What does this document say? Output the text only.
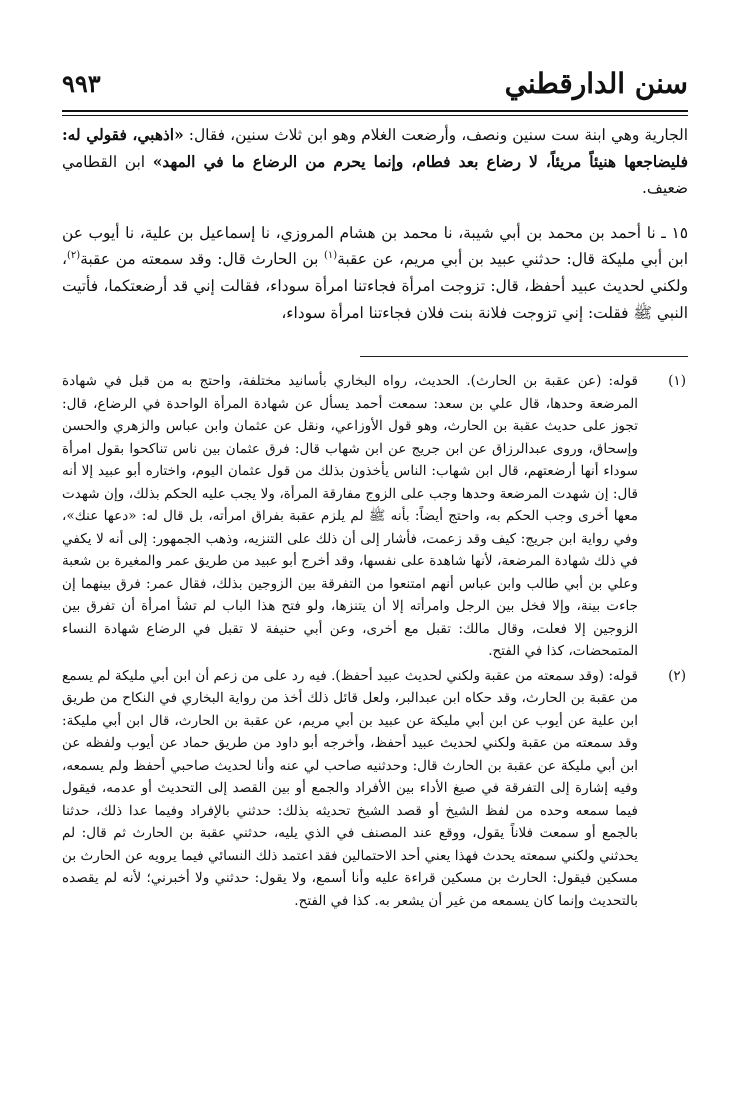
سنن الدارقطني
٩٩٣

الجارية وهي ابنة ست سنين ونصف، وأرضعت الغلام وهو ابن ثلاث سنين، فقال: «اذهبي، فقولي له: فليضاجعها هنيئاً مريئاً، لا رضاع بعد فطام، وإنما يحرم من الرضاع ما في المهد» ابن القطامي ضعيف.

١٥ ـ نا أحمد بن محمد بن أبي شيبة، نا محمد بن هشام المروزي، نا إسماعيل بن علية، نا أيوب عن ابن أبي مليكة قال: حدثني عبيد بن أبي مريم، عن عقبة$^{(١)}$ بن الحارث قال: وقد سمعته من عقبة$^{(٢)}$، ولكني لحديث عبيد أحفظ، قال: تزوجت امرأة فجاءتنا امرأة سوداء، فقالت إني قد أرضعتكما، فأتيت النبي ﷺ فقلت: إني تزوجت فلانة بنت فلان فجاءتنا امرأة سوداء،

(١)
قوله: (عن عقبة بن الحارث). الحديث، رواه البخاري بأسانيد مختلفة، واحتج به من قبل في شهادة المرضعة وحدها، قال علي بن سعد: سمعت أحمد يسأل عن شهادة المرأة الواحدة في الرضاع، قال: تجوز على حديث عقبة بن الحارث، وهو قول الأوزاعي، ونقل عن عثمان وابن عباس والزهري والحسن وإسحاق، وروى عبدالرزاق عن ابن جريج عن ابن شهاب قال: فرق عثمان بين ناس تناكحوا بقول امرأة سوداء أنها أرضعتهم، قال ابن شهاب: الناس يأخذون بذلك من قول عثمان اليوم، واختاره أبو عبيد إلا أنه قال: إن شهدت المرضعة وحدها وجب على الزوج مفارقة المرأة، ولا يجب عليه الحكم بذلك، وإن شهدت معها أخرى وجب الحكم به، واحتج أيضاً: بأنه ﷺ لم يلزم عقبة بفراق امرأته، بل قال له: «دعها عنك»، وفي رواية ابن جريج: كيف وقد زعمت، فأشار إلى أن ذلك على التنزيه، وذهب الجمهور: إلى أنه لا يكفي في ذلك شهادة المرضعة، لأنها شاهدة على نفسها، وقد أخرج أبو عبيد من طريق عمر والمغيرة بن شعبة وعلي بن أبي طالب وابن عباس أنهم امتنعوا من التفرقة بين الزوجين بذلك، فقال عمر: فرق بينهما إن جاءت بينة، وإلا فخل بين الرجل وامرأته إلا أن يتنزها، ولو فتح هذا الباب لم تشأ امرأة أن تفرق بين الزوجين إلا فعلت، وقال مالك: تقبل مع أخرى، وعن أبي حنيفة لا تقبل في الرضاع شهادة النساء المتمحضات، كذا في الفتح.

(٢)
قوله: (وقد سمعته من عقبة ولكني لحديث عبيد أحفظ). فيه رد على من زعم أن ابن أبي مليكة لم يسمع من عقبة بن الحارث، وقد حكاه ابن عبدالبر، ولعل قائل ذلك أخذ من رواية البخاري في النكاح من طريق ابن علية عن أيوب عن ابن أبي مليكة عن عبيد بن أبي مريم، عن عقبة بن الحارث، قال ابن أبي مليكة: وقد سمعته من عقبة ولكني لحديث عبيد أحفظ، وأخرجه أبو داود من طريق حماد عن أيوب ولفظه عن ابن أبي مليكة عن عقبة بن الحارث قال: وحدثنيه صاحب لي عنه وأنا لحديث صاحبي أحفظ ولم يسمعه، وفيه إشارة إلى التفرقة في صيغ الأداء بين الأفراد والجمع أو بين القصد إلى التحديث أو عدمه، فيقول فيما سمعه وحده من لفظ الشيخ أو قصد الشيخ تحديثه بذلك: حدثني بالإفراد وفيما عدا ذلك، حدثنا بالجمع أو سمعت فلاناً يقول، ووقع عند المصنف في الذي يليه، حدثني عقبة بن الحارث ثم قال: لم يحدثني ولكني سمعته يحدث فهذا يعني أحد الاحتمالين فقد اعتمد ذلك النسائي فيما يرويه عن الحارث بن مسكين فيقول: الحارث بن مسكين قراءة عليه وأنا أسمع، ولا يقول: حدثني ولا أخبرني؛ لأنه لم يقصده بالتحديث وإنما كان يسمعه من غير أن يشعر به. كذا في الفتح.
